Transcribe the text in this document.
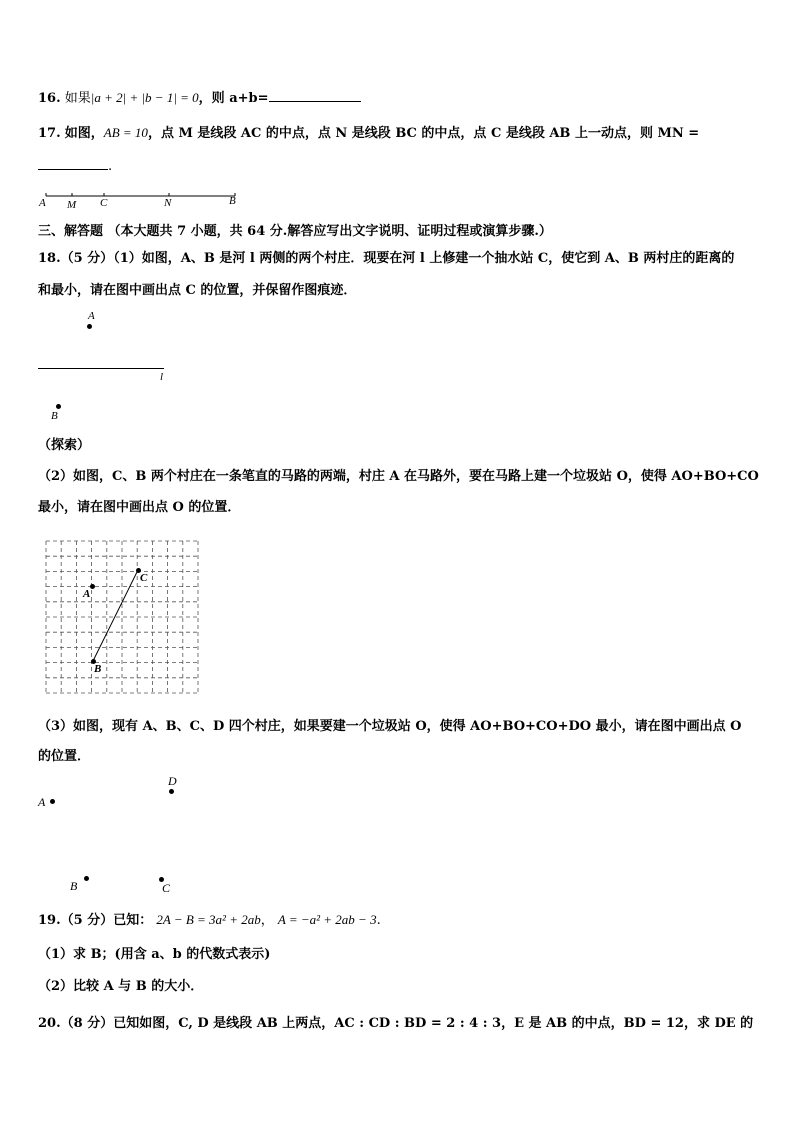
16. 如果|a + 2| + |b − 1| = 0，则 a+b=
17. 如图，AB = 10，点 M 是线段 AC 的中点，点 N 是线段 BC 的中点，点 C 是线段 AB 上一动点，则 MN =
.
A M C	N	B
三、解答题 （本大题共 7 小题，共 64 分.解答应写出文字说明、证明过程或演算步骤.）
18.（5 分）（1）如图，A、B 是河 l 两侧的两个村庄．现要在河 l 上修建一个抽水站 C，使它到 A、B 两村庄的距离的
和最小，请在图中画出点 C 的位置，并保留作图痕迹．
A
l
B
（探索）
（2）如图，C、B 两个村庄在一条笔直的马路的两端，村庄 A 在马路外，要在马路上建一个垃圾站 O，使得 AO+BO+CO
最小，请在图中画出点 O 的位置．
A
C
B
（3）如图，现有 A、B、C、D 四个村庄，如果要建一个垃圾站 O，使得 AO+BO+CO+DO 最小，请在图中画出点 O
的位置．
D
A
B	C
19.（5 分）已知： 2A − B = 3a² + 2ab， A = −a² + 2ab − 3.
（1）求 B；(用含 a、b 的代数式表示)
（2）比较 A 与 B 的大小．
20.（8 分）已知如图，C, D 是线段 AB 上两点，AC : CD : BD = 2 : 4 : 3，E 是 AB 的中点，BD = 12，求 DE 的
